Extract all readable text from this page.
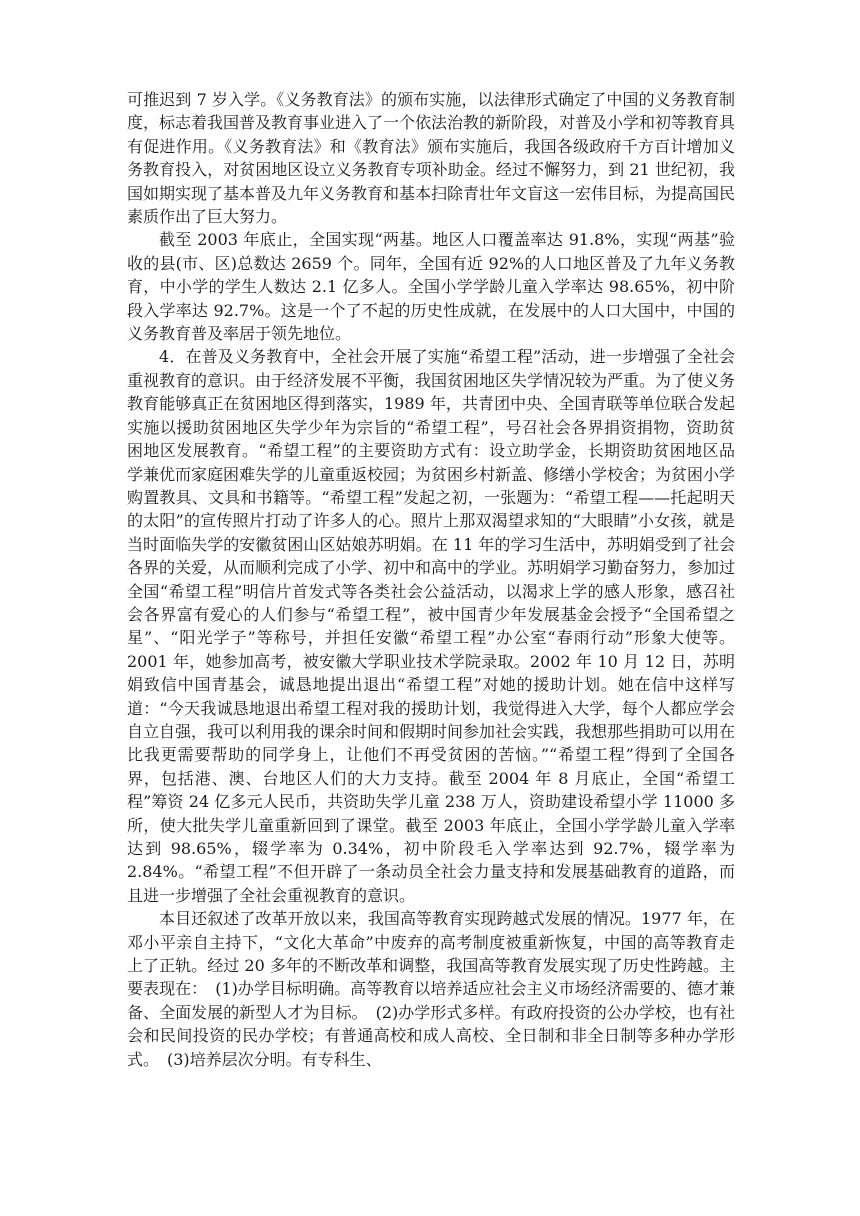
可推迟到 7 岁入学。《义务教育法》的颁布实施，以法律形式确定了中国的义务教育制度，标志着我国普及教育事业进入了一个依法治教的新阶段，对普及小学和初等教育具有促进作用。《义务教育法》和《教育法》颁布实施后，我国各级政府千方百计增加义务教育投入，对贫困地区设立义务教育专项补助金。经过不懈努力，到 21 世纪初，我国如期实现了基本普及九年义务教育和基本扫除青壮年文盲这一宏伟目标，为提高国民素质作出了巨大努力。

截至 2003 年底止，全国实现“两基。地区人口覆盖率达 91.8%，实现“两基”验收的县(市、区)总数达 2659 个。同年，全国有近 92%的人口地区普及了九年义务教育，中小学的学生人数达 2.1 亿多人。全国小学学龄儿童入学率达 98.65%，初中阶段入学率达 92.7%。这是一个了不起的历史性成就，在发展中的人口大国中，中国的义务教育普及率居于领先地位。

4．在普及义务教育中，全社会开展了实施“希望工程”活动，进一步增强了全社会重视教育的意识。由于经济发展不平衡，我国贫困地区失学情况较为严重。为了使义务教育能够真正在贫困地区得到落实，1989 年，共青团中央、全国青联等单位联合发起实施以援助贫困地区失学少年为宗旨的“希望工程”，号召社会各界捐资捐物，资助贫困地区发展教育。“希望工程”的主要资助方式有：设立助学金，长期资助贫困地区品学兼优而家庭困难失学的儿童重返校园；为贫困乡村新盖、修缮小学校舍；为贫困小学购置教具、文具和书籍等。“希望工程”发起之初，一张题为：“希望工程——托起明天的太阳”的宣传照片打动了许多人的心。照片上那双渴望求知的“大眼睛”小女孩，就是当时面临失学的安徽贫困山区姑娘苏明娟。在 11 年的学习生活中，苏明娟受到了社会各界的关爱，从而顺利完成了小学、初中和高中的学业。苏明娟学习勤奋努力，参加过全国“希望工程”明信片首发式等各类社会公益活动，以渴求上学的感人形象，感召社会各界富有爱心的人们参与“希望工程”，被中国青少年发展基金会授予“全国希望之星”、“阳光学子”等称号，并担任安徽“希望工程”办公室“春雨行动”形象大使等。2001 年，她参加高考，被安徽大学职业技术学院录取。2002 年 10 月 12 日，苏明娟致信中国青基会，诚恳地提出退出“希望工程”对她的援助计划。她在信中这样写道：“今天我诚恳地退出希望工程对我的援助计划，我觉得进入大学，每个人都应学会自立自强，我可以利用我的课余时间和假期时间参加社会实践，我想那些捐助可以用在比我更需要帮助的同学身上，让他们不再受贫困的苦恼。”“希望工程”得到了全国各界，包括港、澳、台地区人们的大力支持。截至 2004 年 8 月底止，全国“希望工程”筹资 24 亿多元人民币，共资助失学儿童 238 万人，资助建设希望小学 11000 多所，使大批失学儿童重新回到了课堂。截至 2003 年底止，全国小学学龄儿童入学率达到 98.65%，辍学率为 0.34%，初中阶段毛入学率达到 92.7%，辍学率为 2.84%。“希望工程”不但开辟了一条动员全社会力量支持和发展基础教育的道路，而且进一步增强了全社会重视教育的意识。

本目还叙述了改革开放以来，我国高等教育实现跨越式发展的情况。1977 年，在邓小平亲自主持下，“文化大革命”中废弃的高考制度被重新恢复，中国的高等教育走上了正轨。经过 20 多年的不断改革和调整，我国高等教育发展实现了历史性跨越。主要表现在：　(1)办学目标明确。高等教育以培养适应社会主义市场经济需要的、德才兼备、全面发展的新型人才为目标。　(2)办学形式多样。有政府投资的公办学校，也有社会和民间投资的民办学校；有普通高校和成人高校、全日制和非全日制等多种办学形式。　(3)培养层次分明。有专科生、
